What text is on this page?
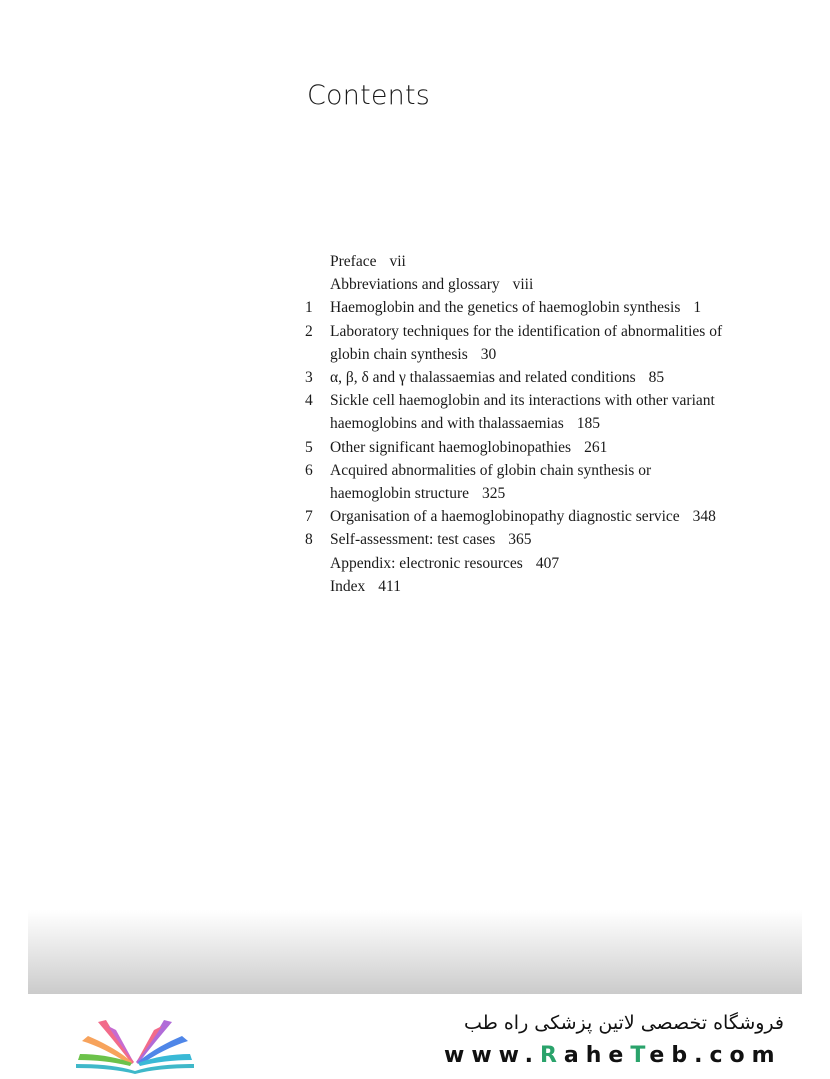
Contents
Preface vii
Abbreviations and glossary viii
1	Haemoglobin and the genetics of haemoglobin synthesis 1
2	Laboratory techniques for the identification of abnormalities of globin chain synthesis 30
3	α, β, δ and γ thalassaemias and related conditions 85
4	Sickle cell haemoglobin and its interactions with other variant haemoglobins and with thalassaemias 185
5	Other significant haemoglobinopathies 261
6	Acquired abnormalities of globin chain synthesis or haemoglobin structure 325
7	Organisation of a haemoglobinopathy diagnostic service 348
8	Self-assessment: test cases 365
Appendix: electronic resources 407
Index 411
فروشگاه تخصصی لاتین پزشکی راه طب
www.RaheTeb.com
